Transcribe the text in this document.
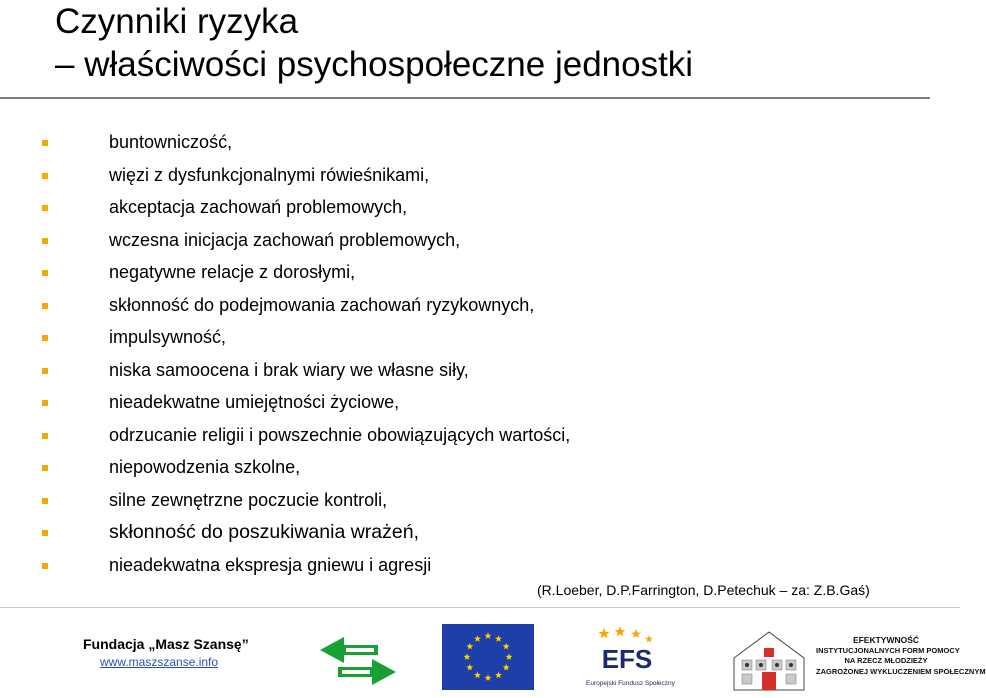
Czynniki ryzyka
– właściwości psychospołeczne jednostki
buntowniczość,
więzi z dysfunkcjonalnymi rówieśnikami,
akceptacja zachowań problemowych,
wczesna inicjacja zachowań problemowych,
negatywne relacje z dorosłymi,
skłonność do podejmowania zachowań ryzykownych,
impulsywność,
niska samoocena i brak wiary we własne siły,
nieadekwatne umiejętności życiowe,
odrzucanie religii i powszechnie obowiązujących wartości,
niepowodzenia szkolne,
silne zewnętrzne poczucie kontroli,
skłonność do poszukiwania wrażeń,
nieadekwatna ekspresja gniewu i agresji
(R.Loeber, D.P.Farrington, D.Petechuk – za: Z.B.Gaś)
Fundacja „Masz Szansę”
www.maszszanse.info	EFS
Europejski Fundusz Społeczny
EFEKTYWNOŚĆ
INSTYTUCJONALNYCH FORM POMOCY
NA RZECZ MŁODZIEŻY
ZAGROŻONEJ WYKLUCZENIEM SPOŁECZNYM
